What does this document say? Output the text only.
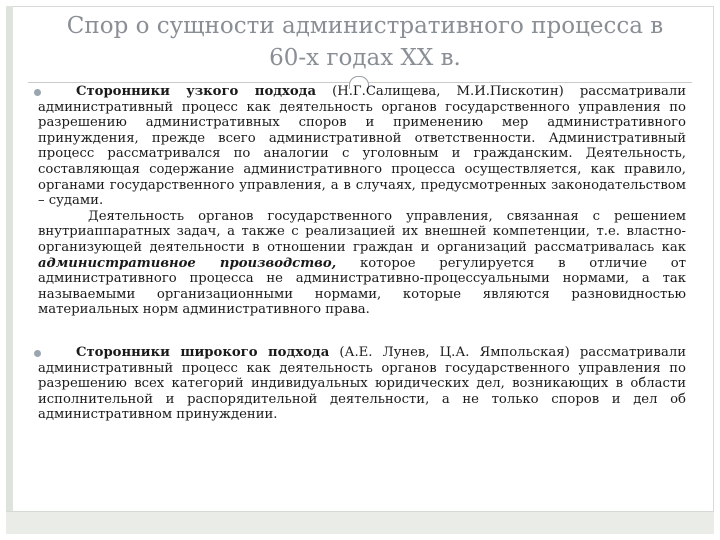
Спор о сущности административного процесса в
60-х годах XX в.

Сторонники узкого подхода (Н.Г.Салищева, М.И.Пискотин) рассматривали административный процесс как деятельность органов государственного управления по разрешению административных споров и применению мер административного принуждения, прежде всего административной ответственности. Административный процесс рассматривался по аналогии с уголовным и гражданским. Деятельность, составляющая содержание административного процесса осуществляется, как правило, органами государственного управления, а в случаях, предусмотренных законодательством – судами.

Деятельность органов государственного управления, связанная с решением внутриаппаратных задач, а также с реализацией их внешней компетенции, т.е. властно-организующей деятельности в отношении граждан и организаций рассматривалась как административное производство, которое регулируется в отличие от административного процесса не административно-процессуальными нормами, а так называемыми организационными нормами, которые являются разновидностью материальных норм административного права.

Сторонники широкого подхода (А.Е. Лунев, Ц.А. Ямпольская) рассматривали административный процесс как деятельность органов государственного управления по разрешению всех категорий индивидуальных юридических дел, возникающих в области исполнительной и распорядительной деятельности, а не только споров и дел об административном принуждении.
